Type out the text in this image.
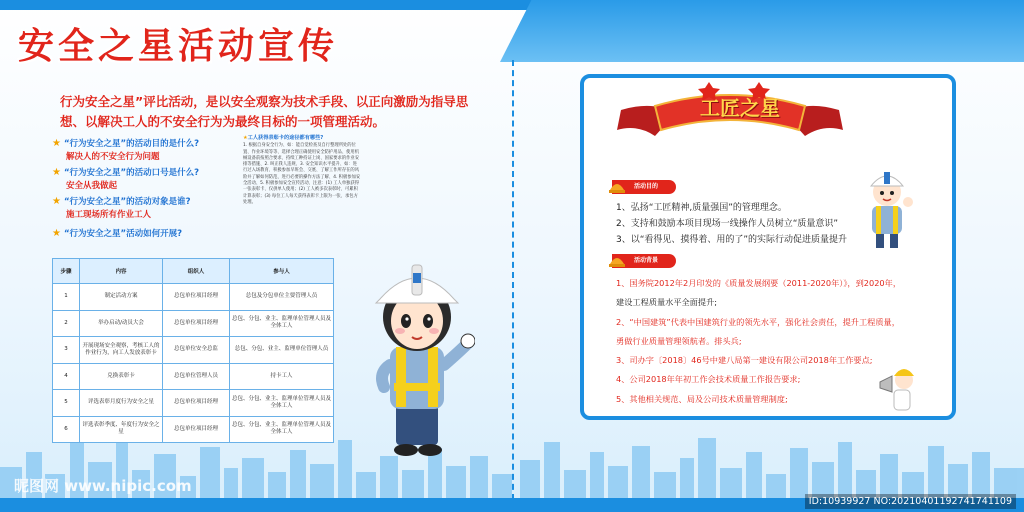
安全之星活动宣传
行为安全之星”评比活动，是以安全观察为技术手段、以正向激励为指导思想、以解决工人的不安全行为为最终目标的一项管理活动。
★ “行为安全之星”的活动目的是什么?
解决人的不安全行为问题
★ “行为安全之星”的活动口号是什么?
安全从我做起
★ “行为安全之星”的活动对象是谁?
施工现场所有作业工人
★ “行为安全之星”活动如何开展?
★工人获得表彰卡的途径都有哪些?
1. 根据自身安全行为、如：能自觉检查及自行整理所处的位置、作业环境等等、选择合理正确使用安全防护用品、使用机械设备前按照合要求、持续工种持证上岗、国家要求的作业安排等措施、2. 叫正我人违规、3. 安全知识水平提升、如：进行过入场教育、积极参加早班会、交底、了解工作所存在的风险并了解如何防范、进行必要的操作方法了解、4. 积极参加安全活动、5. 积极参加安全宣传活动、注意：(1) 工人单独获得一张表彰卡、仅供单人使用；(2) 工人被多次表彰时、可累积计算表彰；(3) 每位工人每天获得表彰卡上限为一张、承包方处理。
步骤	内容	组织人	参与人
1	制定活动方案	总包单位项目经理	总包及分包单位主要管理人员
2	举办启动/动员大会	总包单位项目经理	总包、分包、业主、监理单位管理人员及全体工人
3	开展现场安全观察，考核工人的作业行为，向工人发放表彰卡	总包单位安全总监	总包、分包、业主、监理单位管理人员
4	兑换表彰卡	总包单位管理人员	持卡工人
5	评选表彰月度行为安全之星	总包单位项目经理	总包、分包、业主、监理单位管理人员及全体工人
6	评选表彰季度、年度行为安全之星	总包单位项目经理	总包、分包、业主、监理单位管理人员及全体工人
工匠之星
活动目的
1、弘扬“工匠精神,质量强国”的管理理念。
2、支持和鼓励本项目现场一线操作人员树立“质量意识”
3、以“看得见、摸得着、用的了”的实际行动促进质量提升
活动背景
1、国务院2012年2月印发的《质量发展纲要（2011-2020年）》，到2020年，
建设工程质量水平全面提升;
2、“中国建筑”代表中国建筑行业的领先水平，强化社会责任，提升工程质量，
勇做行业质量管理领航者。排头兵;
3、司办字〔2018〕46号中建八局第一建设有限公司2018年工作要点;
4、公司2018年年初工作会技术质量工作报告要求;
5、其他相关规范、局及公司技术质量管理制度;
昵图网 www.nipic.com
ID:10939927 NO:20210401192741741109
